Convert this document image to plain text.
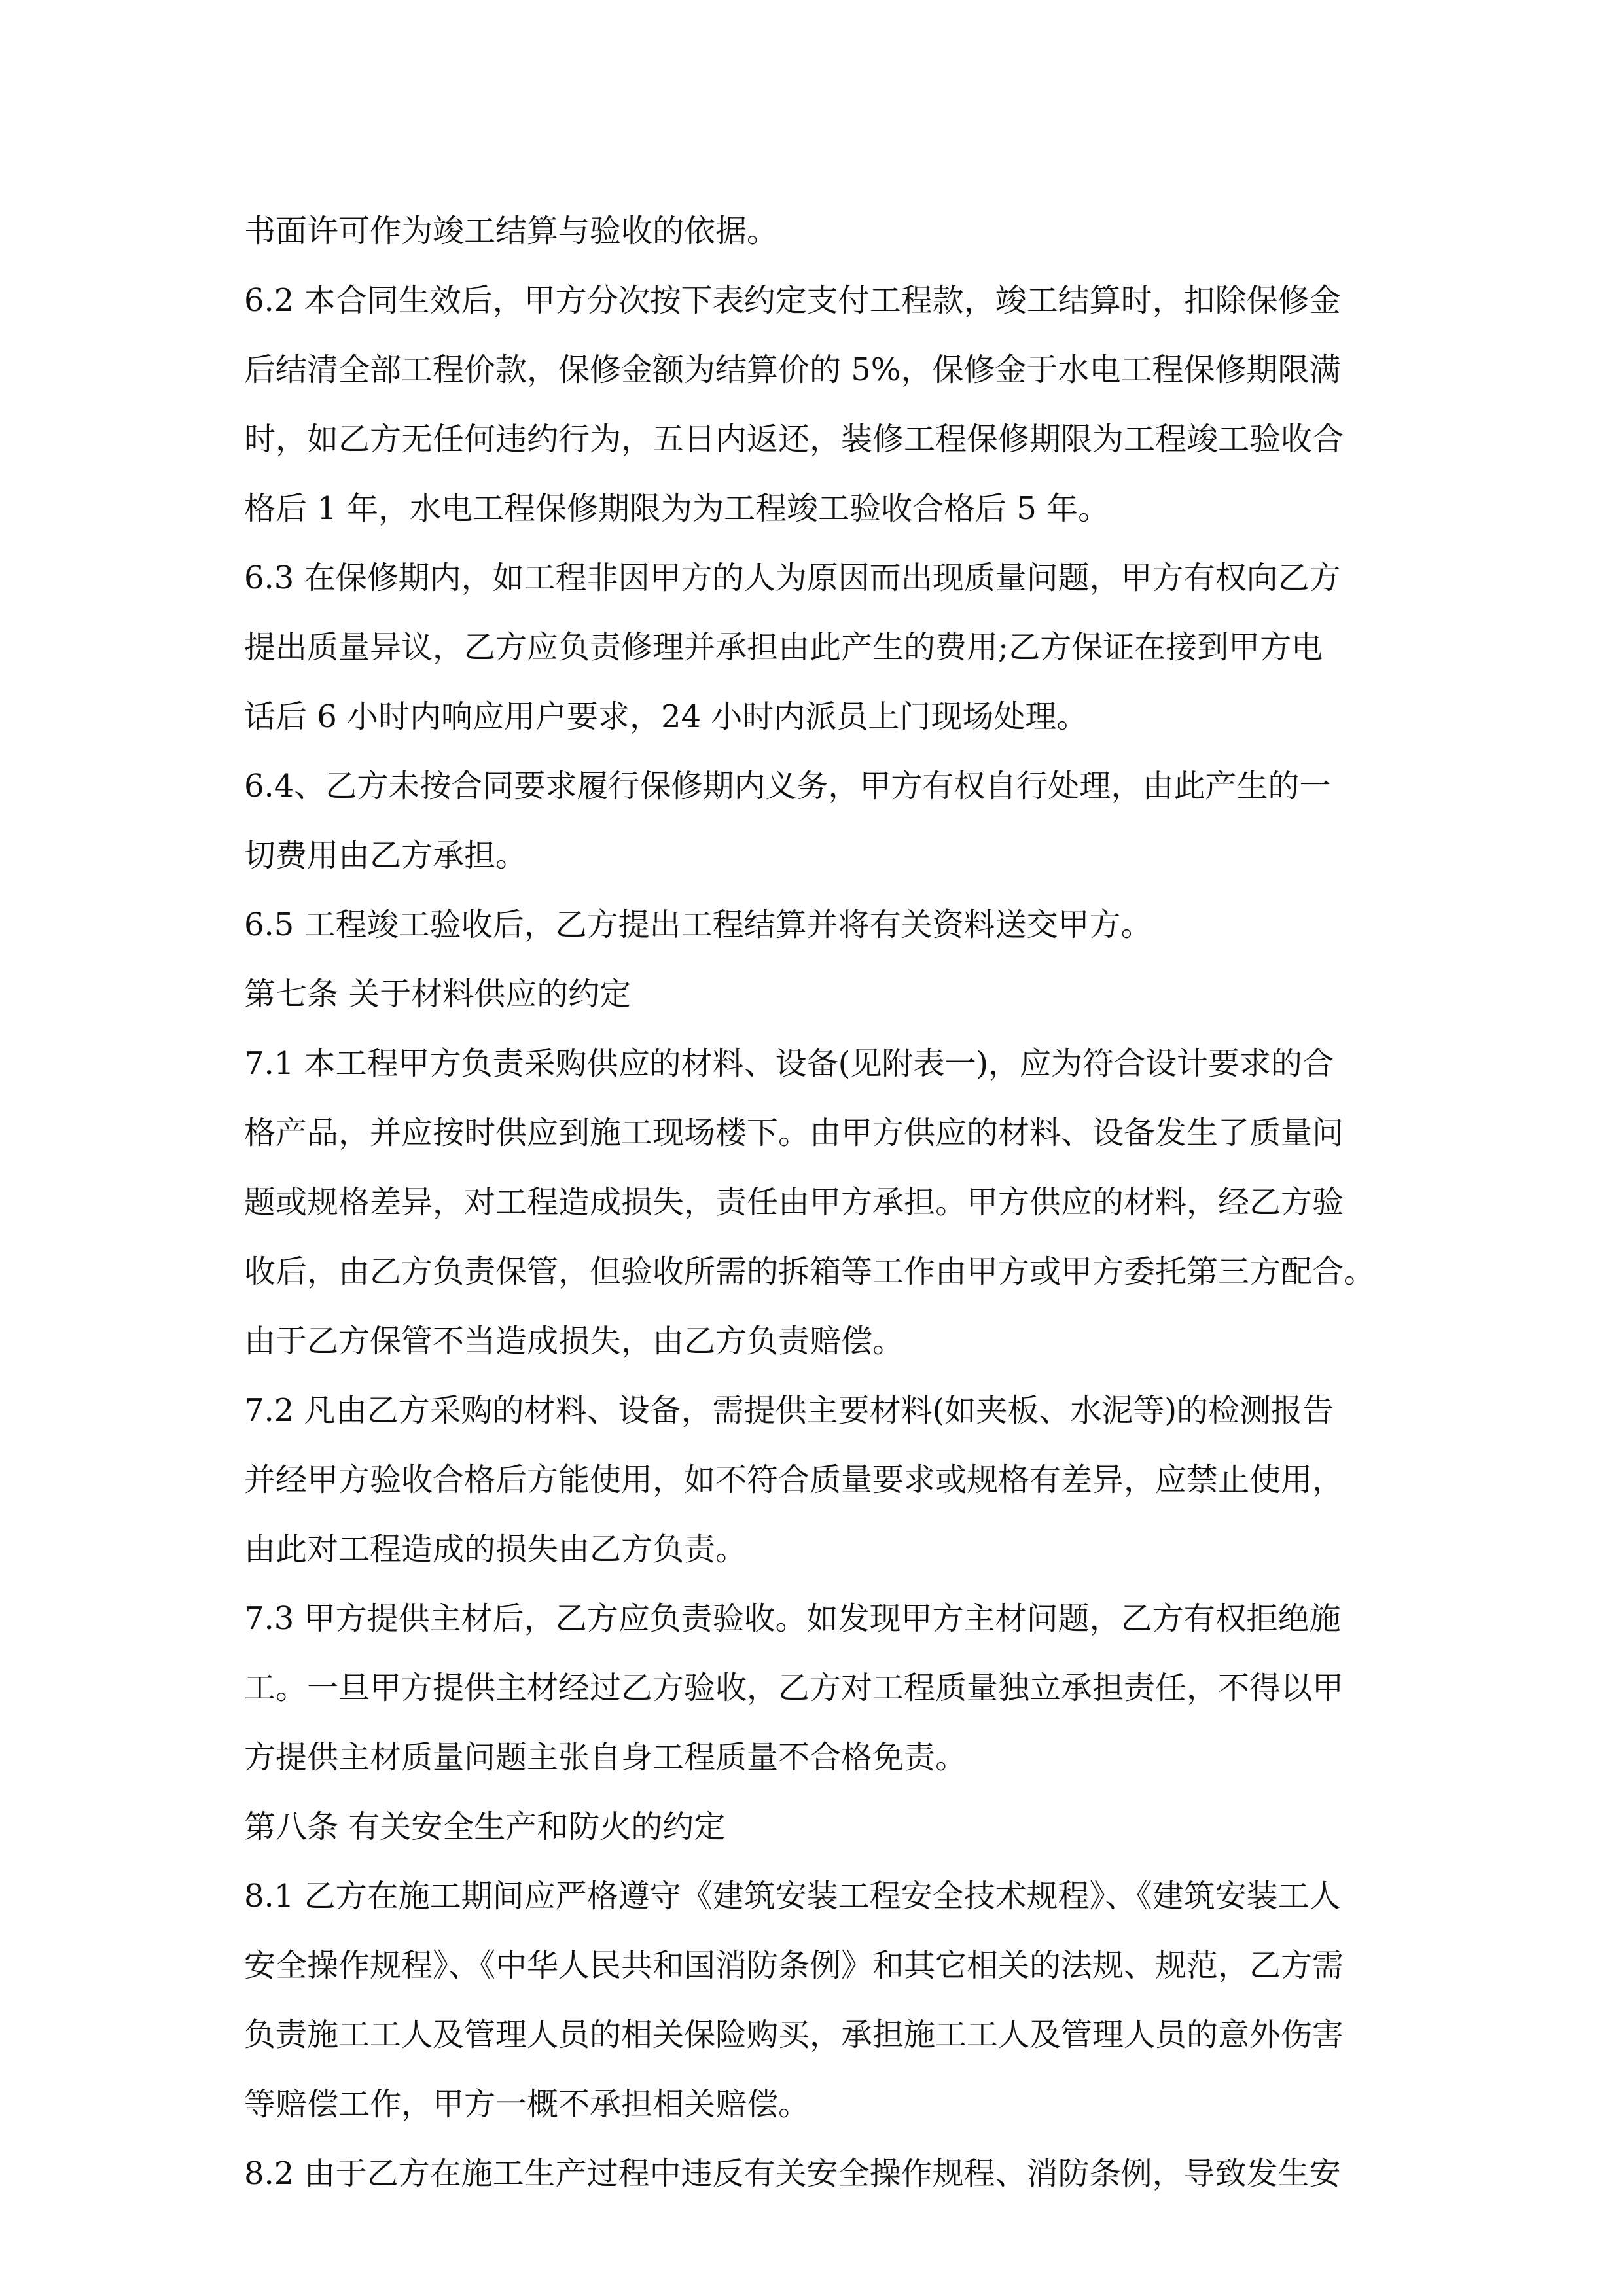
书面许可作为竣工结算与验收的依据。
6.2 本合同生效后，甲方分次按下表约定支付工程款，竣工结算时，扣除保修金
后结清全部工程价款，保修金额为结算价的 5%，保修金于水电工程保修期限满
时，如乙方无任何违约行为，五日内返还，装修工程保修期限为工程竣工验收合
格后 1 年，水电工程保修期限为为工程竣工验收合格后 5 年。
6.3 在保修期内，如工程非因甲方的人为原因而出现质量问题，甲方有权向乙方
提出质量异议，乙方应负责修理并承担由此产生的费用;乙方保证在接到甲方电
话后 6 小时内响应用户要求，24 小时内派员上门现场处理。
6.4、乙方未按合同要求履行保修期内义务，甲方有权自行处理，由此产生的一
切费用由乙方承担。
6.5 工程竣工验收后，乙方提出工程结算并将有关资料送交甲方。
第七条 关于材料供应的约定
7.1 本工程甲方负责采购供应的材料、设备(见附表一)，应为符合设计要求的合
格产品，并应按时供应到施工现场楼下。由甲方供应的材料、设备发生了质量问
题或规格差异，对工程造成损失，责任由甲方承担。甲方供应的材料，经乙方验
收后，由乙方负责保管，但验收所需的拆箱等工作由甲方或甲方委托第三方配合。
由于乙方保管不当造成损失，由乙方负责赔偿。
7.2 凡由乙方采购的材料、设备，需提供主要材料(如夹板、水泥等)的检测报告
并经甲方验收合格后方能使用，如不符合质量要求或规格有差异，应禁止使用，
由此对工程造成的损失由乙方负责。
7.3 甲方提供主材后，乙方应负责验收。如发现甲方主材问题，乙方有权拒绝施
工。一旦甲方提供主材经过乙方验收，乙方对工程质量独立承担责任，不得以甲
方提供主材质量问题主张自身工程质量不合格免责。
第八条 有关安全生产和防火的约定
8.1 乙方在施工期间应严格遵守《建筑安装工程安全技术规程》、《建筑安装工人
安全操作规程》、《中华人民共和国消防条例》和其它相关的法规、规范，乙方需
负责施工工人及管理人员的相关保险购买，承担施工工人及管理人员的意外伤害
等赔偿工作，甲方一概不承担相关赔偿。
8.2 由于乙方在施工生产过程中违反有关安全操作规程、消防条例，导致发生安
